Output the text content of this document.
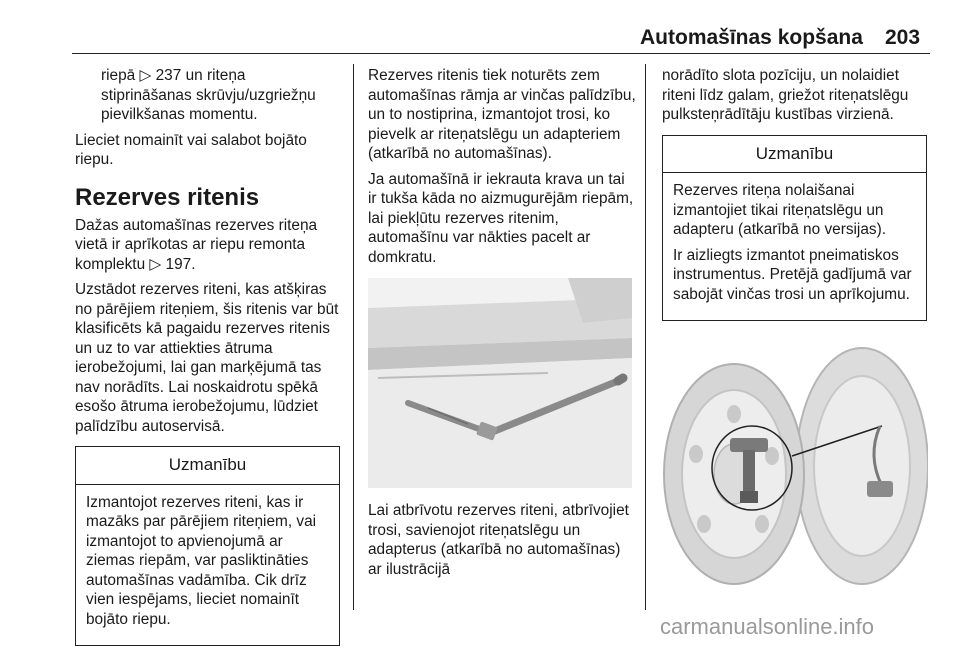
Automašīnas kopšana 203

riepā ▷ 237 un riteņa stiprināšanas skrūvju/uzgriežņu pievilkšanas momentu.

Lieciet nomainīt vai salabot bojāto riepu.

Rezerves ritenis

Dažas automašīnas rezerves riteņa vietā ir aprīkotas ar riepu remonta komplektu ▷ 197.

Uzstādot rezerves riteni, kas atšķiras no pārējiem riteņiem, šis ritenis var būt klasificēts kā pagaidu rezerves ritenis un uz to var attiekties ātruma ierobežojumi, lai gan marķējumā tas nav norādīts. Lai noskaidrotu spēkā esošo ātruma ierobežojumu, lūdziet palīdzību autoservisā.

Uzmanību

Izmantojot rezerves riteni, kas ir mazāks par pārējiem riteņiem, vai izmantojot to apvienojumā ar ziemas riepām, var pasliktināties automašīnas vadāmība. Cik drīz vien iespējams, lieciet nomainīt bojāto riepu.

Rezerves ritenis tiek noturēts zem automašīnas rāmja ar vinčas palīdzību, un to nostiprina, izmantojot trosi, ko pievelk ar riteņatslēgu un adapteriem (atkarībā no automašīnas).

Ja automašīnā ir iekrauta krava un tai ir tukša kāda no aizmugurējām riepām, lai piekļūtu rezerves ritenim, automašīnu var nākties pacelt ar domkratu.

Lai atbrīvotu rezerves riteni, atbrīvojiet trosi, savienojot riteņatslēgu un adapterus (atkarībā no automašīnas) ar ilustrācijā

norādīto slota pozīciju, un nolaidiet riteni līdz galam, griežot riteņatslēgu pulksteņrādītāju kustības virzienā.

Uzmanību

Rezerves riteņa nolaišanai izmantojiet tikai riteņatslēgu un adapteru (atkarībā no versijas).

Ir aizliegts izmantot pneimatiskos instrumentus. Pretējā gadījumā var sabojāt vinčas trosi un aprīkojumu.

carmanualsonline.info
